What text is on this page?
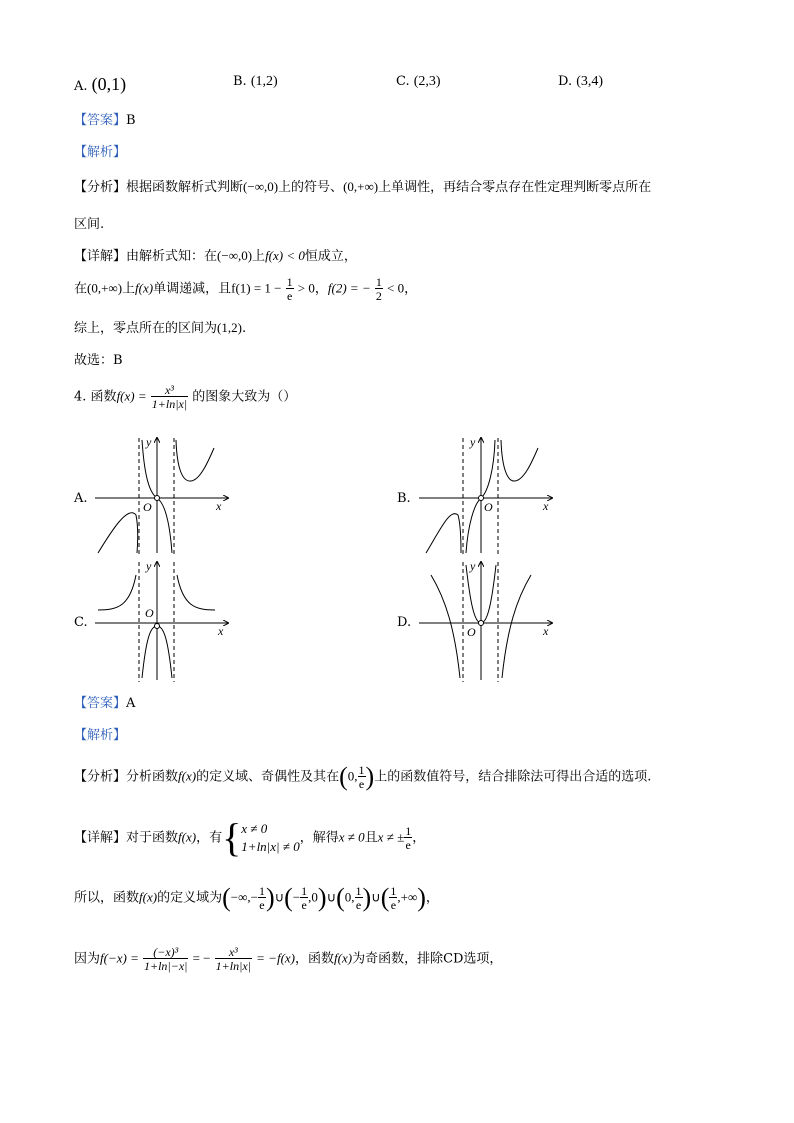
A. (0,1)	B. (1,2)	C. (2,3)	D. (3,4)
【答案】B
【解析】
【分析】根据函数解析式判断(−∞,0)上的符号、(0,+∞)上单调性，再结合零点存在性定理判断零点所在
区间.
【详解】由解析式知：在(−∞,0)上f(x) < 0恒成立，
在(0,+∞)上f(x)单调递减，且$f(1) = 1 - \frac{1}{e} > 0$，f(2) = − $\frac{1}{2} < 0$，
综上，零点所在的区间为(1,2).
故选：B
4. 函数$f(x) = \frac{\text{x³}}{1+\ln|x|}$ 的图象大致为（）
A.	B.
C.	D.
y
x
O
y
x
O
y
x
O
y
x
O
【答案】A
【解析】
【分析】分析函数f(x)的定义域、奇偶性及其在(0, $\frac{1}{e}$ )上的函数值符号，结合排除法可得出合适的选项.
【详解】对于函数f(x)，有{ x ≠ 0
1+ln|x| ≠ 0
，解得x ≠ 0且x ≠ ± $\frac{1}{e}$ ，
所以，函数f(x)的定义域为(−∞,− $\frac{1}{e}$ )∪(− $\frac{1}{e}$ ,0)∪(0, $\frac{1}{e}$ )∪( $\frac{1}{e}$ ,+∞)，
因为$f(-x) = \frac{\text{(−x)³}}{1+\ln|-x|}$ = − $\frac{\text{x³}}{1+\ln|x|} = -f(x)$，函数f(x)为奇函数，排除CD选项，
